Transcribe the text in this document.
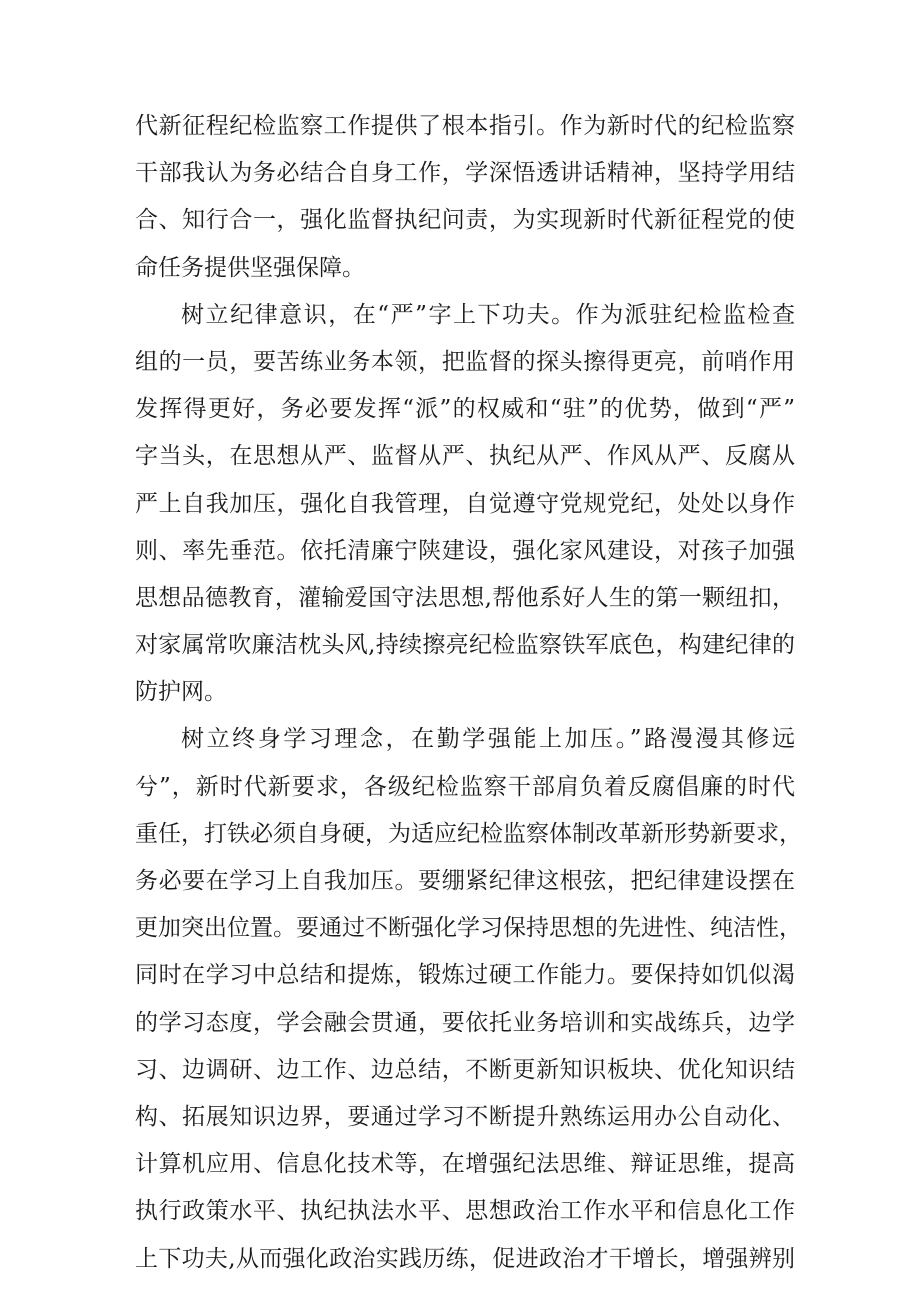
代新征程纪检监察工作提供了根本指引。作为新时代的纪检监察
干部我认为务必结合自身工作，学深悟透讲话精神，坚持学用结
合、知行合一，强化监督执纪问责，为实现新时代新征程党的使
命任务提供坚强保障。
树立纪律意识，在“严”字上下功夫。作为派驻纪检监检查
组的一员，要苦练业务本领，把监督的探头擦得更亮，前哨作用
发挥得更好，务必要发挥“派”的权威和“驻”的优势，做到“严”
字当头，在思想从严、监督从严、执纪从严、作风从严、反腐从
严上自我加压，强化自我管理，自觉遵守党规党纪，处处以身作
则、率先垂范。依托清廉宁陕建设，强化家风建设，对孩子加强
思想品德教育，灌输爱国守法思想,帮他系好人生的第一颗纽扣，
对家属常吹廉洁枕头风,持续擦亮纪检监察铁军底色，构建纪律的
防护网。
树立终身学习理念，在勤学强能上加压。”路漫漫其修远
兮”，新时代新要求，各级纪检监察干部肩负着反腐倡廉的时代
重任，打铁必须自身硬，为适应纪检监察体制改革新形势新要求，
务必要在学习上自我加压。要绷紧纪律这根弦，把纪律建设摆在
更加突出位置。要通过不断强化学习保持思想的先进性、纯洁性，
同时在学习中总结和提炼，锻炼过硬工作能力。要保持如饥似渴
的学习态度，学会融会贯通，要依托业务培训和实战练兵，边学
习、边调研、边工作、边总结，不断更新知识板块、优化知识结
构、拓展知识边界，要通过学习不断提升熟练运用办公自动化、
计算机应用、信息化技术等，在增强纪法思维、辩证思维，提高
执行政策水平、执纪执法水平、思想政治工作水平和信息化工作
上下功夫,从而强化政治实践历练，促进政治才干增长，增强辨别
